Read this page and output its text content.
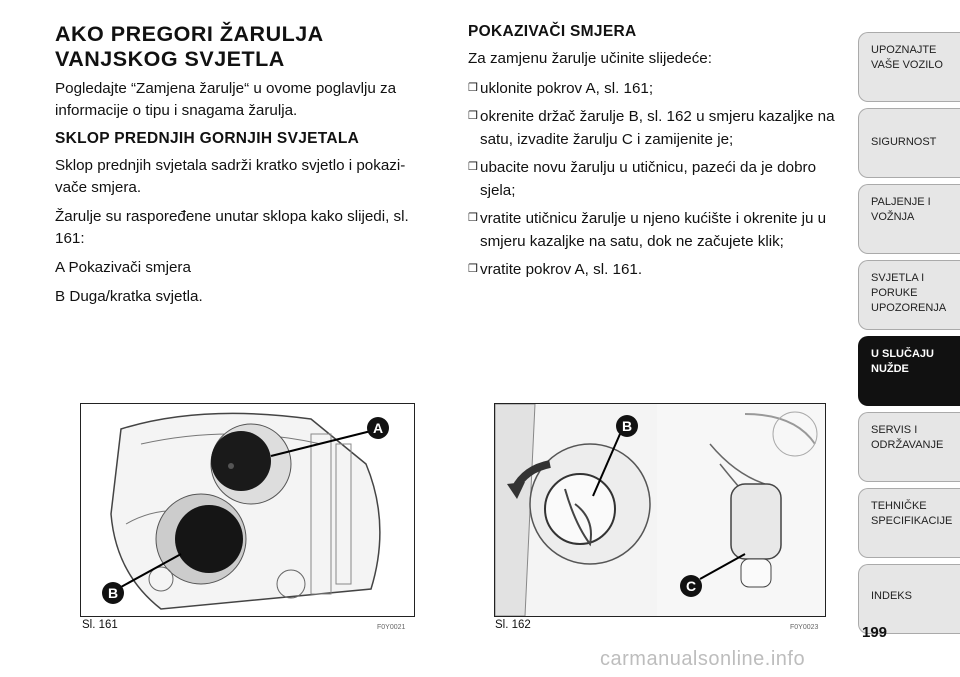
AKO PREGORI ŽARULJA VANJSKOG SVJETLA

Pogledajte “Zamjena žarulje“ u ovome poglavlju za informacije o tipu i snagama žarulja.

SKLOP PREDNJIH GORNJIH SVJETALA

Sklop prednjih svjetala sadrži kratko svjetlo i pokazi- vače smjera.

Žarulje su raspoređene unutar sklopa kako slijedi, sl. 161:

A Pokazivači smjera

B Duga/kratka svjetla.

POKAZIVAČI SMJERA

Za zamjenu žarulje učinite slijedeće:

❒ uklonite pokrov A, sl. 161;
❒ okrenite držač žarulje B, sl. 162 u smjeru kazaljke na satu, izvadite žarulju C i zamijenite je;
❒ ubacite novu žarulju u utičnicu, pazeći da je dobro sjela;
❒ vratite utičnicu žarulje u njeno kućište i okrenite ju u smjeru kazaljke na satu, dok ne začujete klik;
❒ vratite pokrov A, sl. 161.
A
B
Sl. 161	F0Y0021
B
C
Sl. 162	F0Y0023
UPOZNAJTE
VAŠE VOZILO
SIGURNOST
PALJENJE I
VOŽNJA
SVJETLA I PORUKE
UPOZORENJA
U SLUČAJU
NUŽDE
SERVIS I
ODRŽAVANJE
TEHNIČKE
SPECIFIKACIJE
INDEKS
199
carmanualsonline.info
